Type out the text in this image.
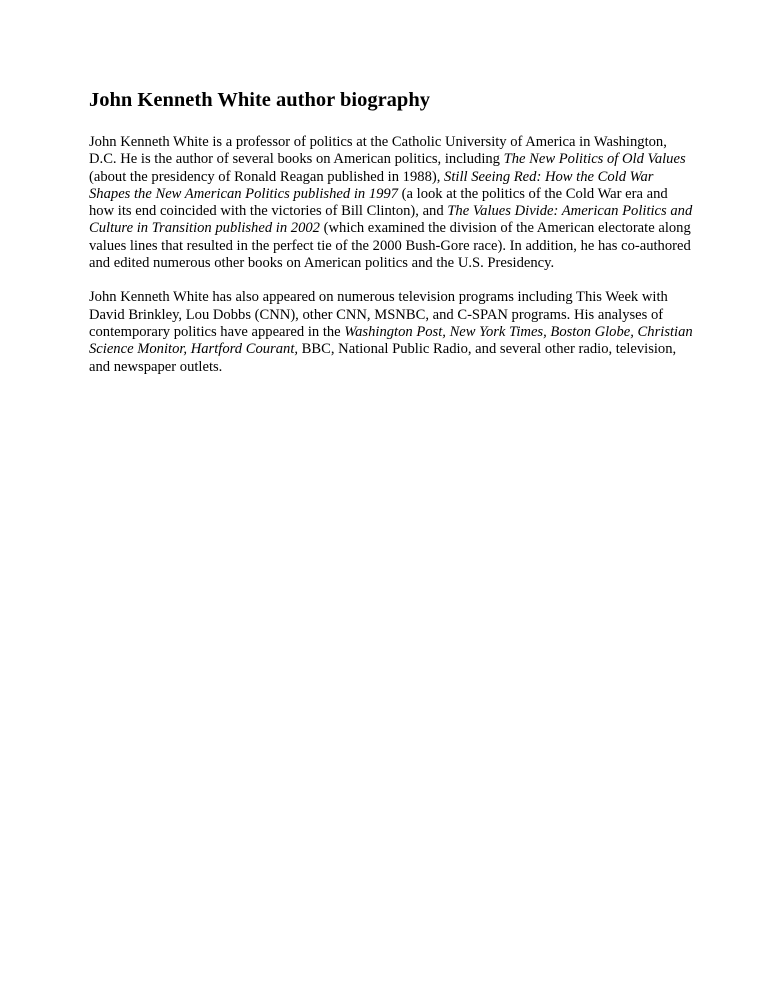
John Kenneth White author biography

John Kenneth White is a professor of politics at the Catholic University of America in Washington, D.C. He is the author of several books on American politics, including The New Politics of Old Values (about the presidency of Ronald Reagan published in 1988), Still Seeing Red: How the Cold War Shapes the New American Politics published in 1997 (a look at the politics of the Cold War era and how its end coincided with the victories of Bill Clinton), and The Values Divide: American Politics and Culture in Transition published in 2002 (which examined the division of the American electorate along values lines that resulted in the perfect tie of the 2000 Bush-Gore race). In addition, he has co-authored and edited numerous other books on American politics and the U.S. Presidency.

John Kenneth White has also appeared on numerous television programs including This Week with David Brinkley, Lou Dobbs (CNN), other CNN, MSNBC, and C-SPAN programs. His analyses of contemporary politics have appeared in the Washington Post, New York Times, Boston Globe, Christian Science Monitor, Hartford Courant, BBC, National Public Radio, and several other radio, television, and newspaper outlets.
